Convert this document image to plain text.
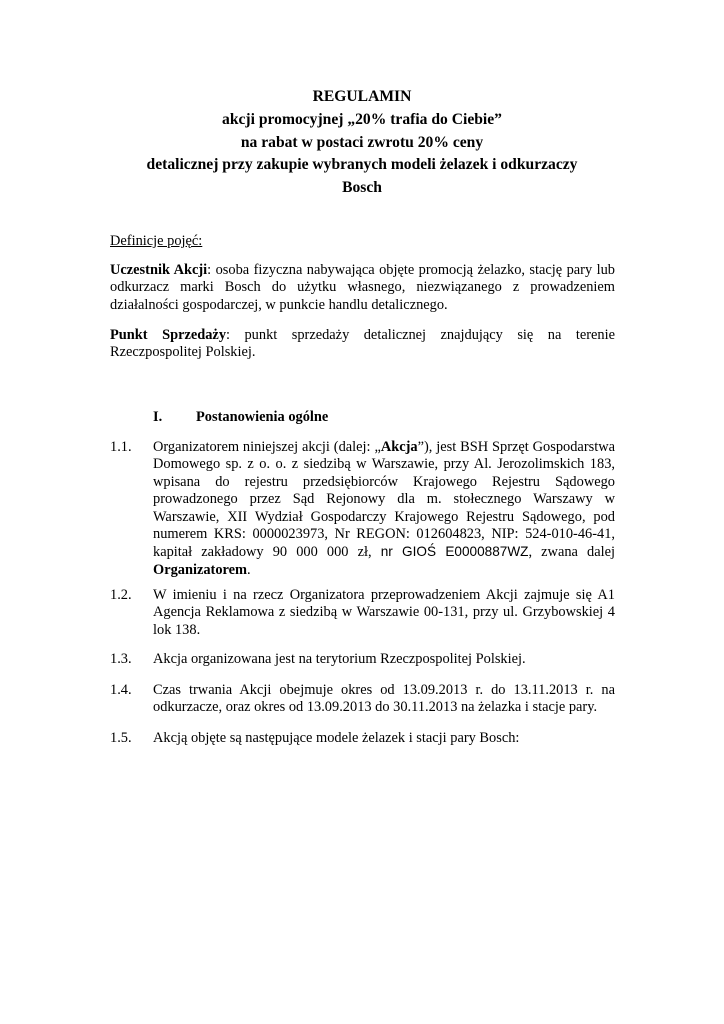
REGULAMIN
akcji promocyjnej „20% trafia do Ciebie”
na rabat w postaci zwrotu 20% ceny
detalicznej przy zakupie wybranych modeli żelazek i odkurzaczy
Bosch
Definicje pojęć:
Uczestnik Akcji: osoba fizyczna nabywająca objęte promocją żelazko, stację pary lub odkurzacz marki Bosch do użytku własnego, niezwiązanego z prowadzeniem działalności gospodarczej, w punkcie handlu detalicznego.
Punkt Sprzedaży: punkt sprzedaży detalicznej znajdujący się na terenie Rzeczpospolitej Polskiej.
I. Postanowienia ogólne
1.1.	Organizatorem niniejszej akcji (dalej: „Akcja”), jest BSH Sprzęt Gospodarstwa Domowego sp. z o. o. z siedzibą w Warszawie, przy Al. Jerozolimskich 183, wpisana do rejestru przedsiębiorców Krajowego Rejestru Sądowego prowadzonego przez Sąd Rejonowy dla m. stołecznego Warszawy w Warszawie, XII Wydział Gospodarczy Krajowego Rejestru Sądowego, pod numerem KRS: 0000023973, Nr REGON: 012604823, NIP: 524-010-46-41, kapitał zakładowy 90 000 000 zł, nr GIOŚ E0000887WZ, zwana dalej Organizatorem.
1.2.	W imieniu i na rzecz Organizatora przeprowadzeniem Akcji zajmuje się A1 Agencja Reklamowa z siedzibą w Warszawie 00-131, przy ul. Grzybowskiej 4 lok 138.
1.3.	Akcja organizowana jest na terytorium Rzeczpospolitej Polskiej.
1.4.	Czas trwania Akcji obejmuje okres od 13.09.2013 r. do 13.11.2013 r. na odkurzacze, oraz okres od 13.09.2013 do 30.11.2013 na żelazka i stacje pary.
1.5.	Akcją objęte są następujące modele żelazek i stacji pary Bosch:
